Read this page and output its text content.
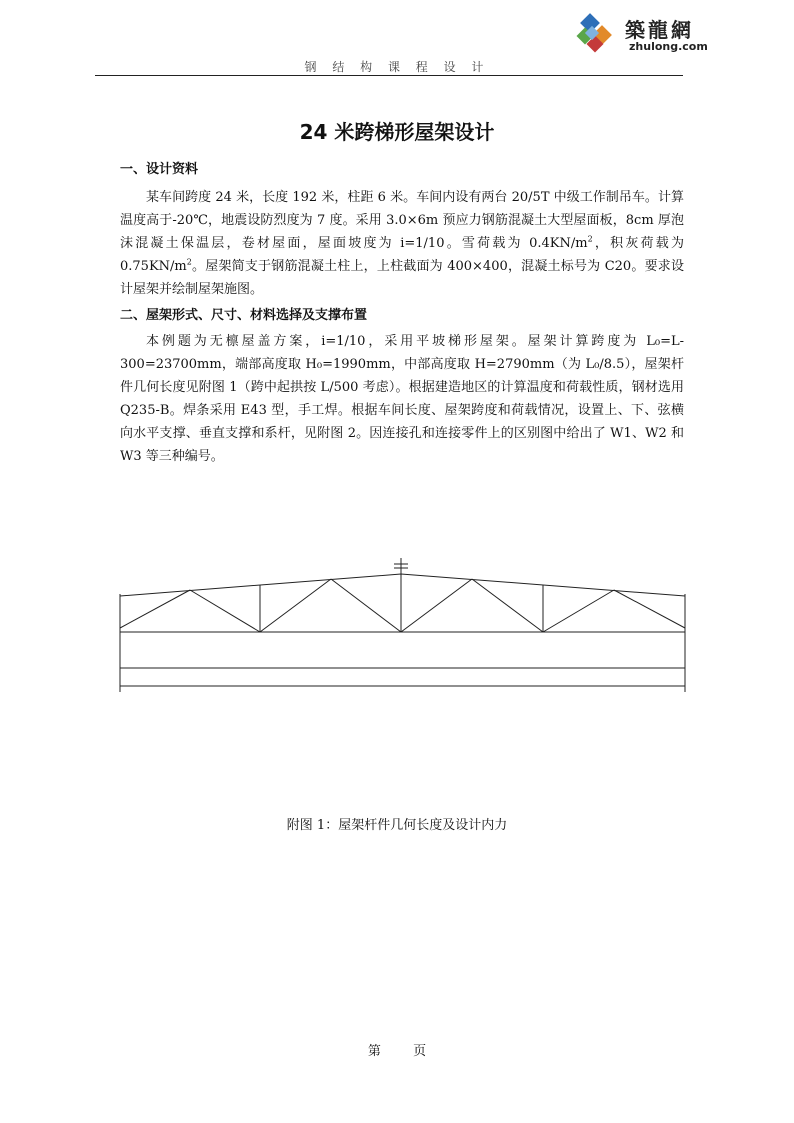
築龍網
zhulong.com
钢 结 构 课 程 设 计
24 米跨梯形屋架设计
一、设计资料
某车间跨度 24 米，长度 192 米，柱距 6 米。车间内设有两台 20/5T 中级工作制吊车。计算温度高于-20℃，地震设防烈度为 7 度。采用 3.0×6m 预应力钢筋混凝土大型屋面板，8cm 厚泡沫混凝土保温层，卷材屋面，屋面坡度为 i=1/10。雪荷载为 $0.4KN/m^2$，积灰荷载为 $0.75KN/m^2$。屋架简支于钢筋混凝土柱上，上柱截面为 400×400，混凝土标号为 C20。要求设计屋架并绘制屋架施图。
二、屋架形式、尺寸、材料选择及支撑布置
本例题为无檩屋盖方案，i=1/10，采用平坡梯形屋架。屋架计算跨度为 L₀=L-300=23700mm，端部高度取 H₀=1990mm，中部高度取 H=2790mm（为 L₀/8.5），屋架杆件几何长度见附图 1（跨中起拱按 L/500 考虑）。根据建造地区的计算温度和荷载性质，钢材选用 Q235-B。焊条采用 E43 型，手工焊。根据车间长度、屋架跨度和荷载情况，设置上、下、弦横向水平支撑、垂直支撑和系杆，见附图 2。因连接孔和连接零件上的区别图中给出了 W1、W2 和 W3 等三种编号。
附图 1：屋架杆件几何长度及设计内力
第 页
